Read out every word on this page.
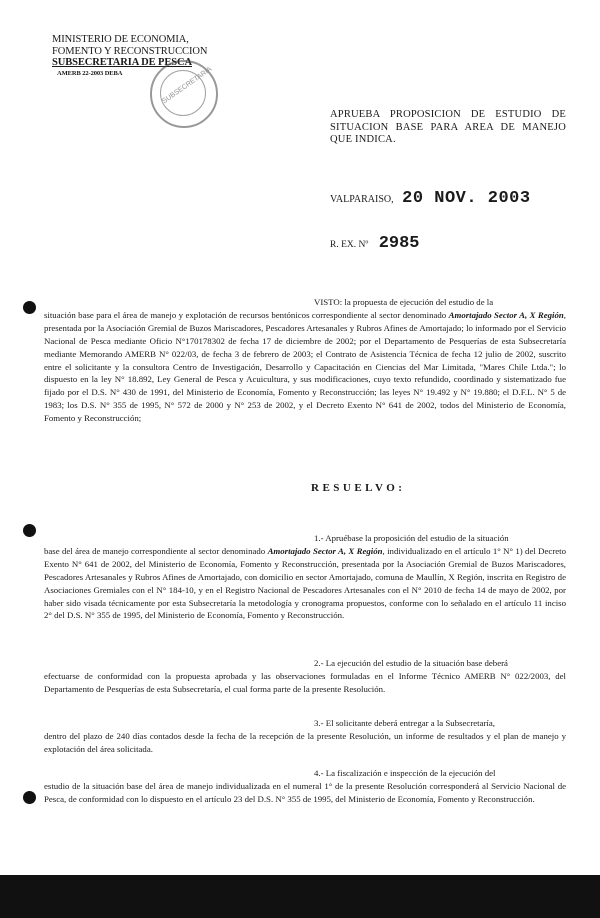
MINISTERIO DE ECONOMIA,
FOMENTO Y RECONSTRUCCION
SUBSECRETARIA DE PESCA
AMERB 22-2003 DEBA	SUBSECRETARIA
APRUEBA PROPOSICION DE ESTUDIO DE SITUACION BASE PARA AREA DE MANEJO QUE INDICA.
VALPARAISO, 20 NOV. 2003
R. EX. Nº 2985
VISTO: la propuesta de ejecución del estudio de la
situación base para el área de manejo y explotación de recursos bentónicos correspondiente al sector denominado Amortajado Sector A, X Región, presentada por la Asociación Gremial de Buzos Mariscadores, Pescadores Artesanales y Rubros Afines de Amortajado; lo informado por el Servicio Nacional de Pesca mediante Oficio N°170178302 de fecha 17 de diciembre de 2002; por el Departamento de Pesquerías de esta Subsecretaría mediante Memorando AMERB N° 022/03, de fecha 3 de febrero de 2003; el Contrato de Asistencia Técnica de fecha 12 julio de 2002, suscrito entre el solicitante y la consultora Centro de Investigación, Desarrollo y Capacitación en Ciencias del Mar Limitada, "Mares Chile Ltda."; lo dispuesto en la ley N° 18.892, Ley General de Pesca y Acuicultura, y sus modificaciones, cuyo texto refundido, coordinado y sistematizado fue fijado por el D.S. N° 430 de 1991, del Ministerio de Economía, Fomento y Reconstrucción; las leyes N° 19.492 y N° 19.880; el D.F.L. N° 5 de 1983; los D.S. N° 355 de 1995, N° 572 de 2000 y N° 253 de 2002, y el Decreto Exento N° 641 de 2002, todos del Ministerio de Economía, Fomento y Reconstrucción;
RESUELVO:
1.- Apruébase la proposición del estudio de la situación
base del área de manejo correspondiente al sector denominado Amortajado Sector A, X Región, individualizado en el artículo 1° N° 1) del Decreto Exento N° 641 de 2002, del Ministerio de Economía, Fomento y Reconstrucción, presentada por la Asociación Gremial de Buzos Mariscadores, Pescadores Artesanales y Rubros Afines de Amortajado, con domicilio en sector Amortajado, comuna de Maullín, X Región, inscrita en Registro de Asociaciones Gremiales con el N° 184-10, y en el Registro Nacional de Pescadores Artesanales con el N° 2010 de fecha 14 de mayo de 2002, por haber sido visada técnicamente por esta Subsecretaría la metodología y cronograma propuestos, conforme con lo señalado en el artículo 11 inciso 2° del D.S. N° 355 de 1995, del Ministerio de Economía, Fomento y Reconstrucción.
2.- La ejecución del estudio de la situación base deberá
efectuarse de conformidad con la propuesta aprobada y las observaciones formuladas en el Informe Técnico AMERB N° 022/2003, del Departamento de Pesquerías de esta Subsecretaría, el cual forma parte de la presente Resolución.
3.- El solicitante deberá entregar a la Subsecretaría,
dentro del plazo de 240 días contados desde la fecha de la recepción de la presente Resolución, un informe de resultados y el plan de manejo y explotación del área solicitada.
4.- La fiscalización e inspección de la ejecución del
estudio de la situación base del área de manejo individualizada en el numeral 1° de la presente Resolución corresponderá al Servicio Nacional de Pesca, de conformidad con lo dispuesto en el artículo 23 del D.S. N° 355 de 1995, del Ministerio de Economía, Fomento y Reconstrucción.
